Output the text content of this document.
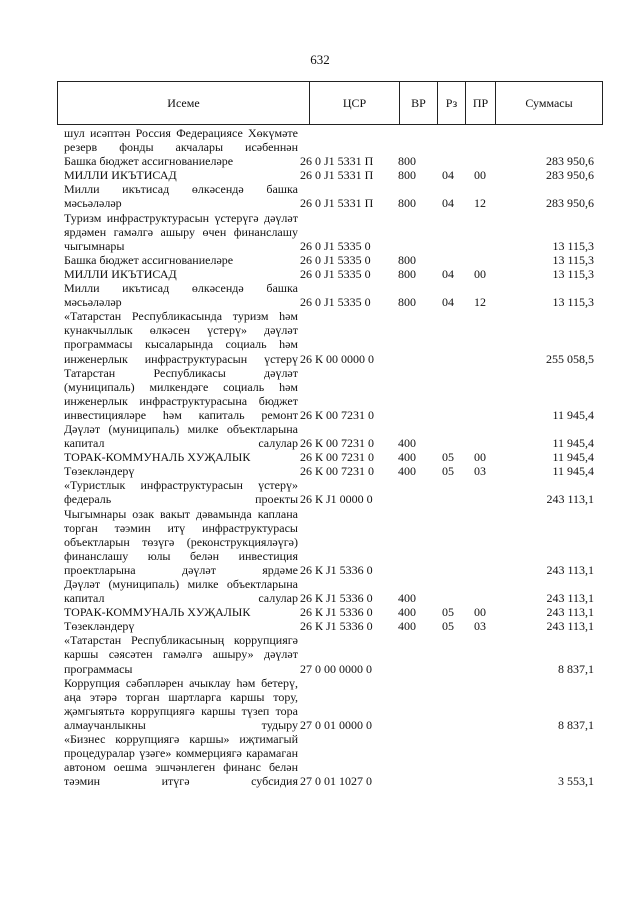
632
Исеме	ЦСР	ВР	Рз	ПР	Суммасы
шул исәптән Россия Федерациясе Хөкүмәте резерв фонды акчалары исәбеннән					
Башка бюджет ассигнованиеләре	26 0 J1 5331 П	800			283 950,6
МИЛЛИ ИКЪТИСАД	26 0 J1 5331 П	800	04	00	283 950,6
Милли икътисад өлкәсендә башка мәсьәләләр	26 0 J1 5331 П	800	04	12	283 950,6
Туризм инфраструктурасын үстерүгә дәүләт ярдәмен гамәлгә ашыру өчен финанслашу чыгымнары	26 0 J1 5335 0				13 115,3
Башка бюджет ассигнованиеләре	26 0 J1 5335 0	800			13 115,3
МИЛЛИ ИКЪТИСАД	26 0 J1 5335 0	800	04	00	13 115,3
Милли икътисад өлкәсендә башка мәсьәләләр	26 0 J1 5335 0	800	04	12	13 115,3
«Татарстан Республикасында туризм һәм кунакчыллык өлкәсен үстерү» дәүләт программасы кысаларында социаль һәм инженерлык инфраструктурасын үстерү	26 К 00 0000 0				255 058,5
Татарстан Республикасы дәүләт (муниципаль) милкендәге социаль һәм инженерлык инфраструктурасына бюджет инвестицияләре һәм капиталь ремонт	26 К 00 7231 0				11 945,4
Дәүләт (муниципаль) милке объектларына капитал салулар	26 К 00 7231 0	400			11 945,4
ТОРАК-КОММУНАЛЬ ХУҖАЛЫК	26 К 00 7231 0	400	05	00	11 945,4
Төзекләндерү	26 К 00 7231 0	400	05	03	11 945,4
«Туристлык инфраструктурасын үстерү» федераль проекты	26 К J1 0000 0				243 113,1
Чыгымнары озак вакыт дәвамында каплана торган тәэмин итү инфраструктурасы объектларын төзүгә (реконструкцияләүгә) финанслашу юлы белән инвестиция проектларына дәүләт ярдәме	26 К J1 5336 0				243 113,1
Дәүләт (муниципаль) милке объектларына капитал салулар	26 К J1 5336 0	400			243 113,1
ТОРАК-КОММУНАЛЬ ХУҖАЛЫК	26 К J1 5336 0	400	05	00	243 113,1
Төзекләндерү	26 К J1 5336 0	400	05	03	243 113,1
«Татарстан Республикасының коррупциягә каршы сәясәтен гамәлгә ашыру» дәүләт программасы	27 0 00 0000 0				8 837,1
Коррупция сәбәпләрен ачыклау һәм бетерү, аңа этәрә торган шартларга каршы тору, җәмгыятьтә коррупциягә каршы түзеп тора алмаучанлыкны тудыру	27 0 01 0000 0				8 837,1
«Бизнес коррупциягә каршы» иҗтимагый процедуралар үзәге» коммерциягә карамаган автоном оешма эшчәнлеген финанс белән тәэмин итүгә субсидия	27 0 01 1027 0				3 553,1
